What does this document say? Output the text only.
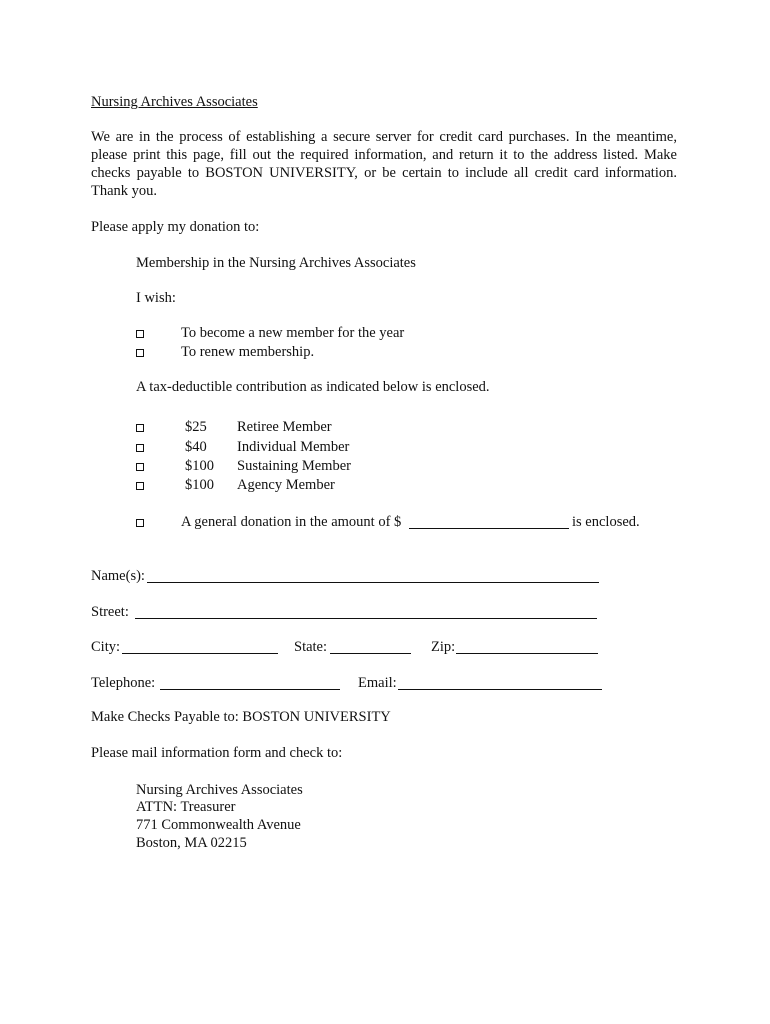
Nursing Archives Associates
We are in the process of establishing a secure server for credit card purchases. In the meantime, please print this page, fill out the required information, and return it to the address listed. Make checks payable to BOSTON UNIVERSITY, or be certain to include all credit card information. Thank you.
Please apply my donation to:
Membership in the Nursing Archives Associates
I wish:
To become a new member for the year
To renew membership.
A tax-deductible contribution as indicated below is enclosed.
$25 Retiree Member
$40 Individual Member
$100 Sustaining Member
$100 Agency Member
A general donation in the amount of $	is enclosed.
Name(s):
Street:
City:	State:	Zip:
Telephone:	Email:
Make Checks Payable to: BOSTON UNIVERSITY
Please mail information form and check to:
Nursing Archives Associates
ATTN: Treasurer
771 Commonwealth Avenue
Boston, MA 02215
